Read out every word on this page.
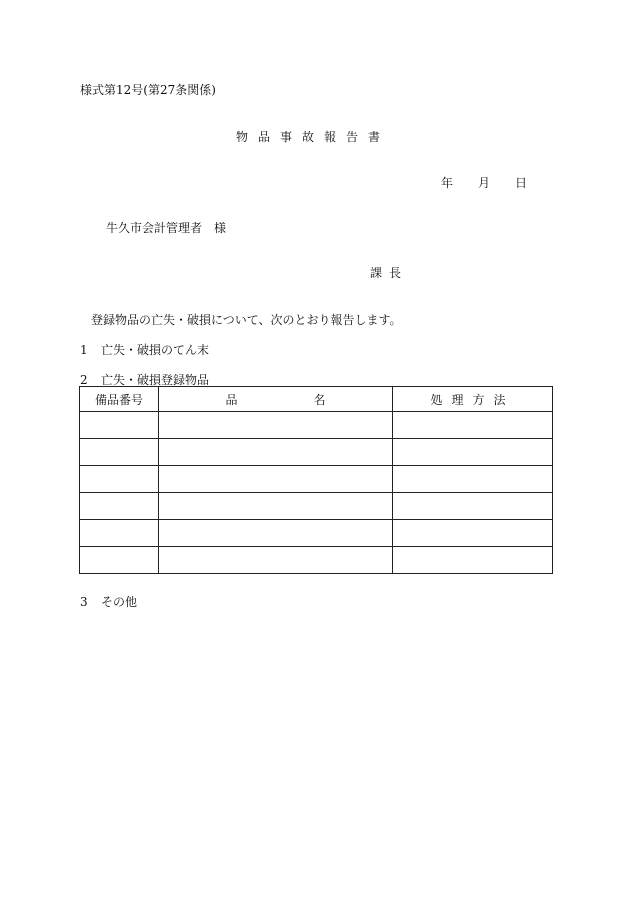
様式第12号(第27条関係)
物品事故報告書
年 月 日
牛久市会計管理者 様
課長
登録物品の亡失・破損について、次のとおり報告します。
1 亡失・破損のてん末
2 亡失・破損登録物品
備品番号	品 名	処理方法

3 その他
